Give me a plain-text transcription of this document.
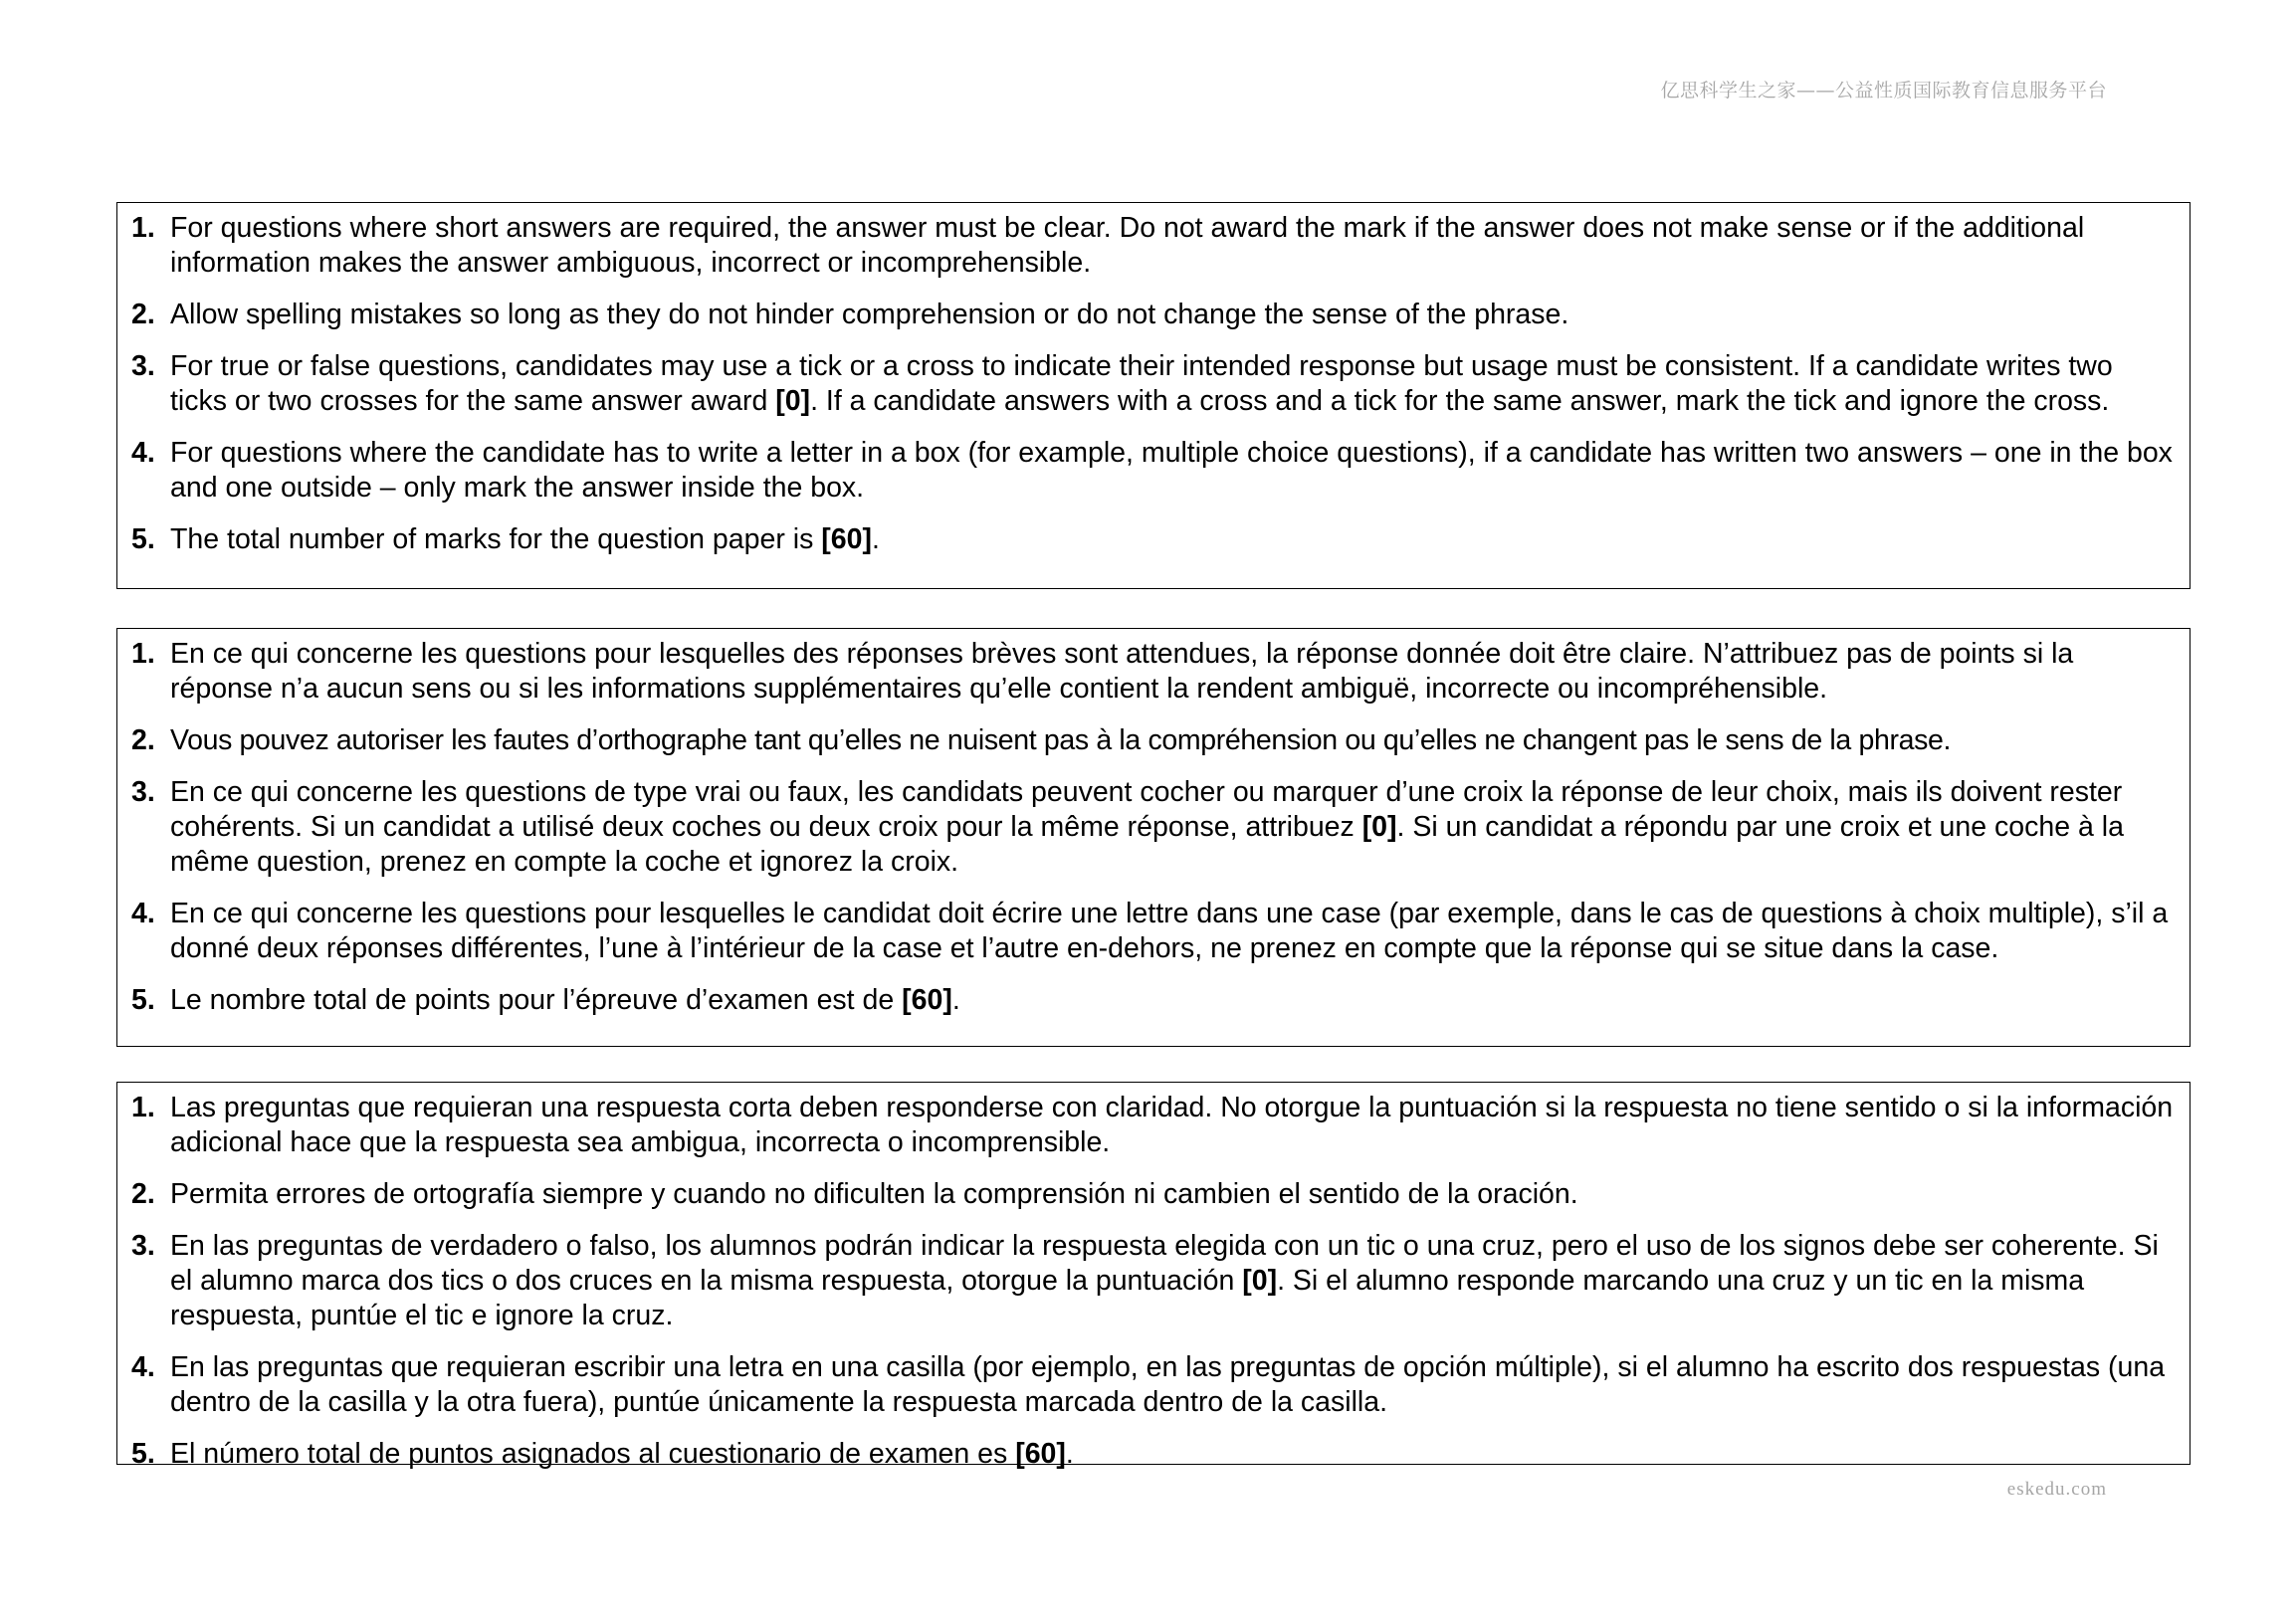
亿思科学生之家——公益性质国际教育信息服务平台
1. For questions where short answers are required, the answer must be clear. Do not award the mark if the answer does not make sense or if the additional information makes the answer ambiguous, incorrect or incomprehensible.
2. Allow spelling mistakes so long as they do not hinder comprehension or do not change the sense of the phrase.
3. For true or false questions, candidates may use a tick or a cross to indicate their intended response but usage must be consistent. If a candidate writes two ticks or two crosses for the same answer award [0]. If a candidate answers with a cross and a tick for the same answer, mark the tick and ignore the cross.
4. For questions where the candidate has to write a letter in a box (for example, multiple choice questions), if a candidate has written two answers – one in the box and one outside – only mark the answer inside the box.
5. The total number of marks for the question paper is [60].
1. En ce qui concerne les questions pour lesquelles des réponses brèves sont attendues, la réponse donnée doit être claire. N’attribuez pas de points si la réponse n’a aucun sens ou si les informations supplémentaires qu’elle contient la rendent ambiguë, incorrecte ou incompréhensible.
2. Vous pouvez autoriser les fautes d’orthographe tant qu’elles ne nuisent pas à la compréhension ou qu’elles ne changent pas le sens de la phrase.
3. En ce qui concerne les questions de type vrai ou faux, les candidats peuvent cocher ou marquer d’une croix la réponse de leur choix, mais ils doivent rester cohérents. Si un candidat a utilisé deux coches ou deux croix pour la même réponse, attribuez [0]. Si un candidat a répondu par une croix et une coche à la même question, prenez en compte la coche et ignorez la croix.
4. En ce qui concerne les questions pour lesquelles le candidat doit écrire une lettre dans une case (par exemple, dans le cas de questions à choix multiple), s’il a donné deux réponses différentes, l’une à l’intérieur de la case et l’autre en-dehors, ne prenez en compte que la réponse qui se situe dans la case.
5. Le nombre total de points pour l’épreuve d’examen est de [60].
1. Las preguntas que requieran una respuesta corta deben responderse con claridad. No otorgue la puntuación si la respuesta no tiene sentido o si la información adicional hace que la respuesta sea ambigua, incorrecta o incomprensible.
2. Permita errores de ortografía siempre y cuando no dificulten la comprensión ni cambien el sentido de la oración.
3. En las preguntas de verdadero o falso, los alumnos podrán indicar la respuesta elegida con un tic o una cruz, pero el uso de los signos debe ser coherente. Si el alumno marca dos tics o dos cruces en la misma respuesta, otorgue la puntuación [0]. Si el alumno responde marcando una cruz y un tic en la misma respuesta, puntúe el tic e ignore la cruz.
4. En las preguntas que requieran escribir una letra en una casilla (por ejemplo, en las preguntas de opción múltiple), si el alumno ha escrito dos respuestas (una dentro de la casilla y la otra fuera), puntúe únicamente la respuesta marcada dentro de la casilla.
5. El número total de puntos asignados al cuestionario de examen es [60].
eskedu.com
